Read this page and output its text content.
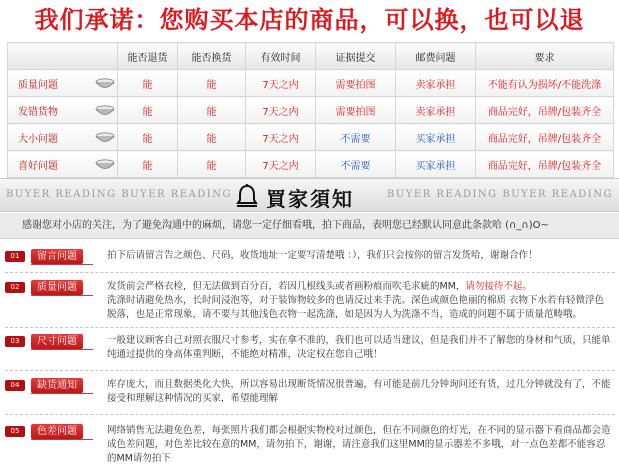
我们承诺：您购买本店的商品，可以换，也可以退
	能否退货	能否换货	有效时间	证据提交	邮费问题	要求
质量问题	能	能	7天之内	需要拍图	卖家承担	不能有认为损坏/不能洗涤
发错货物	能	能	7天之内	需要拍图	卖家承担	商品完好，吊牌/包装齐全
大小问题	能	能	7天之内	不需要	买家承担	商品完好，吊牌/包装齐全
喜好问题	能	能	7天之内	不需要	买家承担	商品完好，吊牌/包装齐全
BUYER READING BUYER READING 買家須知	BUYER READING BUYER READING
感谢您对小店的关注，为了避免沟通中的麻烦，请您一定仔细看哦，拍下商品，表明您已经默认同意此条款哈 (∩_∩)O~
01	留言问题	拍下后请留言告之颜色、尺码，收货地址一定要写清楚哦 ：），我们只会按你的留言发货哈，谢谢合作！
02	质量问题	发货前会严格衣检，但无法做到百分百，若因几根线头或者画粉痕而吹毛求疵的MM，请勿接待不起。
洗涤时请避免热水，长时间浸泡等，对于装饰物较多的也请反过来手洗。深色或颜色艳丽的棉质 衣物下水若有轻微浮色脱落，也是正常现象，请不要与其他浅色衣物一起洗涤，如是因为人为洗涤不当，造成的问题不属于质量范畴哦。
03	尺寸问题	一般建议顾客自己对照衣服尺寸参考，实在拿不准的，我们也可以适当建议，但是我们并不了解您的身材和气质，只能单纯通过提供的身高体重判断，不能绝对精准，决定权在您自己哦！
04	缺货通知	库存庞大，而且数据类化大快，所以容易出现断货情况很普遍，有可能是前几分钟询问还有货，过几分钟就没有了，不能接受和理解这种情况的买家，希望能理解
05	色差问题	网络销售无法避免色差，每张照片我们都会根据实物校对过颜色，但在不同颜色的灯光，在不同的显示器下看商品都会造成色差问题，对色差比较在意的MM，请勿拍下，谢谢，请注意我们这里MM的显示器差不多哦，对一点色差都不能容忍 的MM请勿拍下
